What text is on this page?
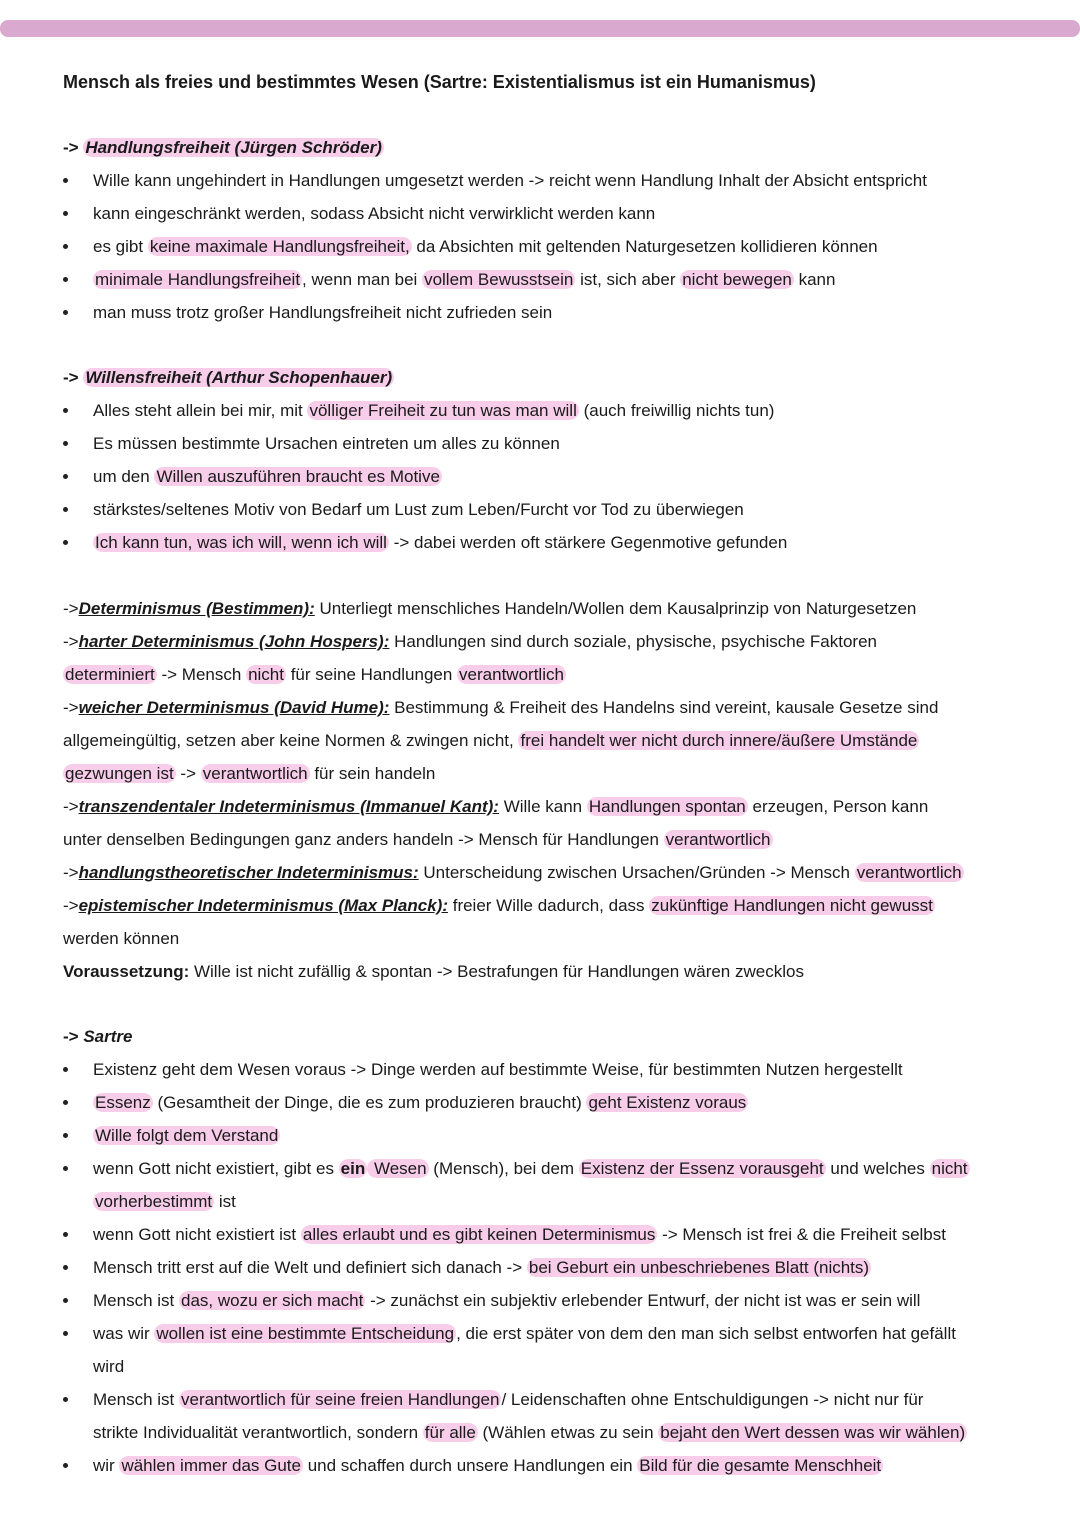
Mensch als freies und bestimmtes Wesen (Sartre: Existentialismus ist ein Humanismus)
-> Handlungsfreiheit (Jürgen Schröder)
Wille kann ungehindert in Handlungen umgesetzt werden -> reicht wenn Handlung Inhalt der Absicht entspricht
kann eingeschränkt werden, sodass Absicht nicht verwirklicht werden kann
es gibt keine maximale Handlungsfreiheit, da Absichten mit geltenden Naturgesetzen kollidieren können
minimale Handlungsfreiheit , wenn man bei vollem Bewusstsein ist, sich aber nicht bewegen kann
man muss trotz großer Handlungsfreiheit nicht zufrieden sein
-> Willensfreiheit (Arthur Schopenhauer)
Alles steht allein bei mir, mit völliger Freiheit zu tun was man will (auch freiwillig nichts tun)
Es müssen bestimmte Ursachen eintreten um alles zu können
um den Willen auszuführen braucht es Motive
stärkstes/seltenes Motiv von Bedarf um Lust zum Leben/Furcht vor Tod zu überwiegen
Ich kann tun, was ich will, wenn ich will -> dabei werden oft stärkere Gegenmotive gefunden
->Determinismus (Bestimmen): Unterliegt menschliches Handeln/Wollen dem Kausalprinzip von Naturgesetzen
->harter Determinismus (John Hospers): Handlungen sind durch soziale, physische, psychische Faktoren
determiniert -> Mensch nicht für seine Handlungen verantwortlich
->weicher Determinismus (David Hume): Bestimmung & Freiheit des Handelns sind vereint, kausale Gesetze sind
allgemeingültig, setzen aber keine Normen & zwingen nicht, frei handelt wer nicht durch innere/äußere Umstände
gezwungen ist -> verantwortlich für sein handeln
->transzendentaler Indeterminismus (Immanuel Kant): Wille kann Handlungen spontan erzeugen, Person kann
unter denselben Bedingungen ganz anders handeln -> Mensch für Handlungen verantwortlich
->handlungstheoretischer Indeterminismus: Unterscheidung zwischen Ursachen/Gründen -> Mensch verantwortlich
->epistemischer Indeterminismus (Max Planck): freier Wille dadurch, dass zukünftige Handlungen nicht gewusst
werden können
Voraussetzung: Wille ist nicht zufällig & spontan -> Bestrafungen für Handlungen wären zwecklos
-> Sartre
Existenz geht dem Wesen voraus -> Dinge werden auf bestimmte Weise, für bestimmten Nutzen hergestellt
Essenz (Gesamtheit der Dinge, die es zum produzieren braucht) geht Existenz voraus
Wille folgt dem Verstand
wenn Gott nicht existiert, gibt es ein Wesen (Mensch), bei dem Existenz der Essenz vorausgeht und welches nicht
vorherbestimmt ist
wenn Gott nicht existiert ist alles erlaubt und es gibt keinen Determinismus -> Mensch ist frei & die Freiheit selbst
Mensch tritt erst auf die Welt und definiert sich danach -> bei Geburt ein unbeschriebenes Blatt (nichts)
Mensch ist das, wozu er sich macht -> zunächst ein subjektiv erlebender Entwurf, der nicht ist was er sein will
was wir wollen ist eine bestimmte Entscheidung , die erst später von dem den man sich selbst entworfen hat gefällt
wird
Mensch ist verantwortlich für seine freien Handlungen / Leidenschaften ohne Entschuldigungen -> nicht nur für
strikte Individualität verantwortlich, sondern für alle (Wählen etwas zu sein bejaht den Wert dessen was wir wählen)
wir wählen immer das Gute und schaffen durch unsere Handlungen ein Bild für die gesamte Menschheit
